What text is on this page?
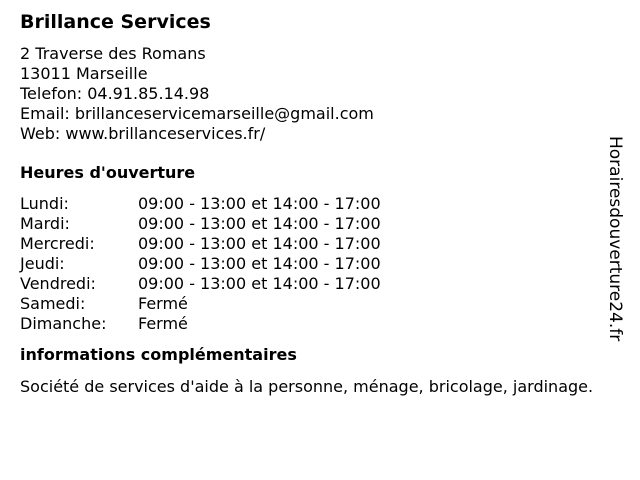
Brillance Services
2 Traverse des Romans
13011 Marseille
Telefon: 04.91.85.14.98
Email: brillanceservicemarseille@gmail.com
Web: www.brillanceservices.fr/
Heures d'ouverture
Lundi:	09:00 - 13:00 et 14:00 - 17:00
Mardi:	09:00 - 13:00 et 14:00 - 17:00
Mercredi:	09:00 - 13:00 et 14:00 - 17:00
Jeudi:	09:00 - 13:00 et 14:00 - 17:00
Vendredi:	09:00 - 13:00 et 14:00 - 17:00
Samedi:	Fermé
Dimanche:	Fermé
informations complémentaires
Société de services d'aide à la personne, ménage, bricolage, jardinage.
Horairesdouverture24.fr
